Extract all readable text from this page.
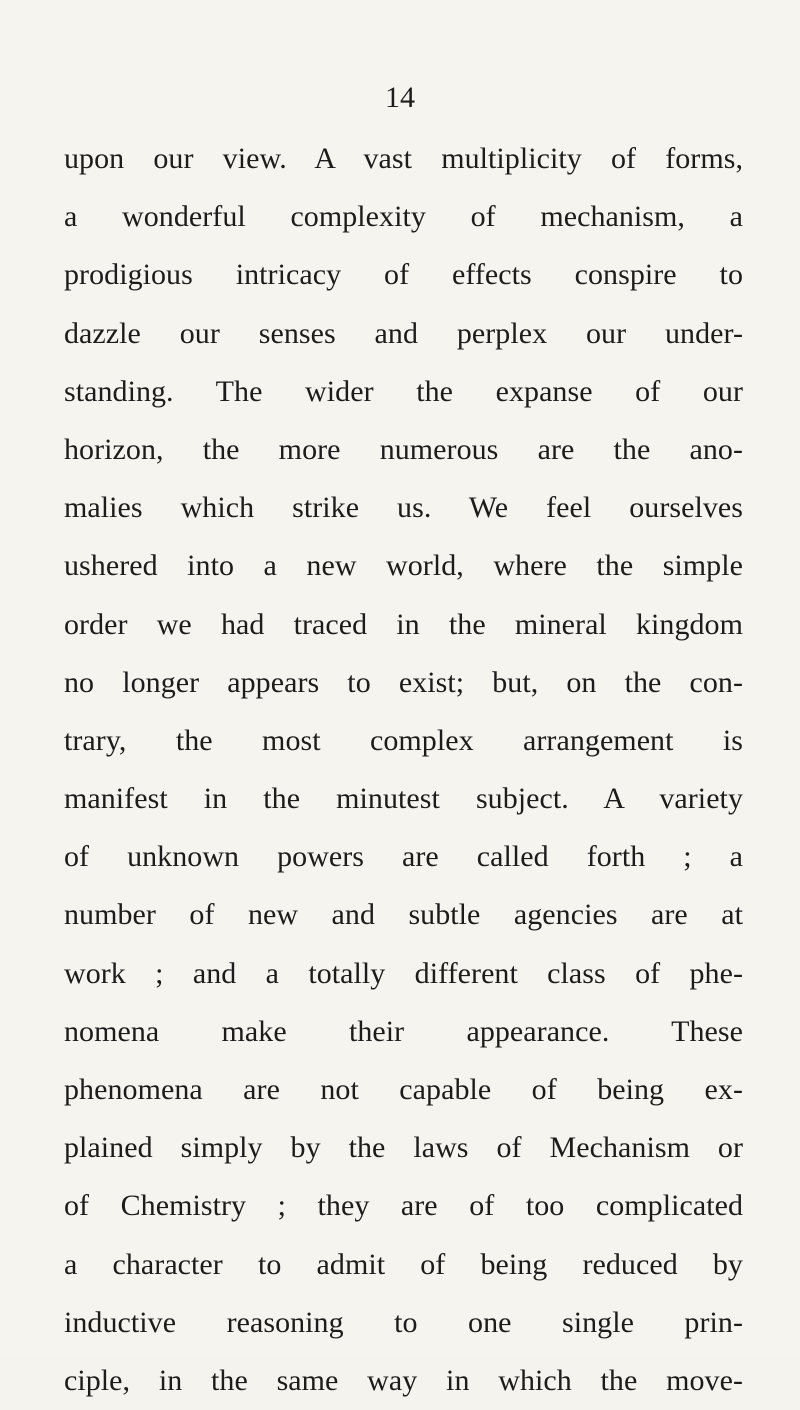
14
upon our view. A vast multiplicity of forms,
a wonderful complexity of mechanism, a
prodigious intricacy of effects conspire to
dazzle our senses and perplex our under-
standing. The wider the expanse of our
horizon, the more numerous are the ano-
malies which strike us. We feel ourselves
ushered into a new world, where the simple
order we had traced in the mineral kingdom
no longer appears to exist; but, on the con-
trary, the most complex arrangement is
manifest in the minutest subject. A variety
of unknown powers are called forth ; a
number of new and subtle agencies are at
work ; and a totally different class of phe-
nomena make their appearance. These
phenomena are not capable of being ex-
plained simply by the laws of Mechanism or
of Chemistry ; they are of too complicated
a character to admit of being reduced by
inductive reasoning to one single prin-
ciple, in the same way in which the move-
